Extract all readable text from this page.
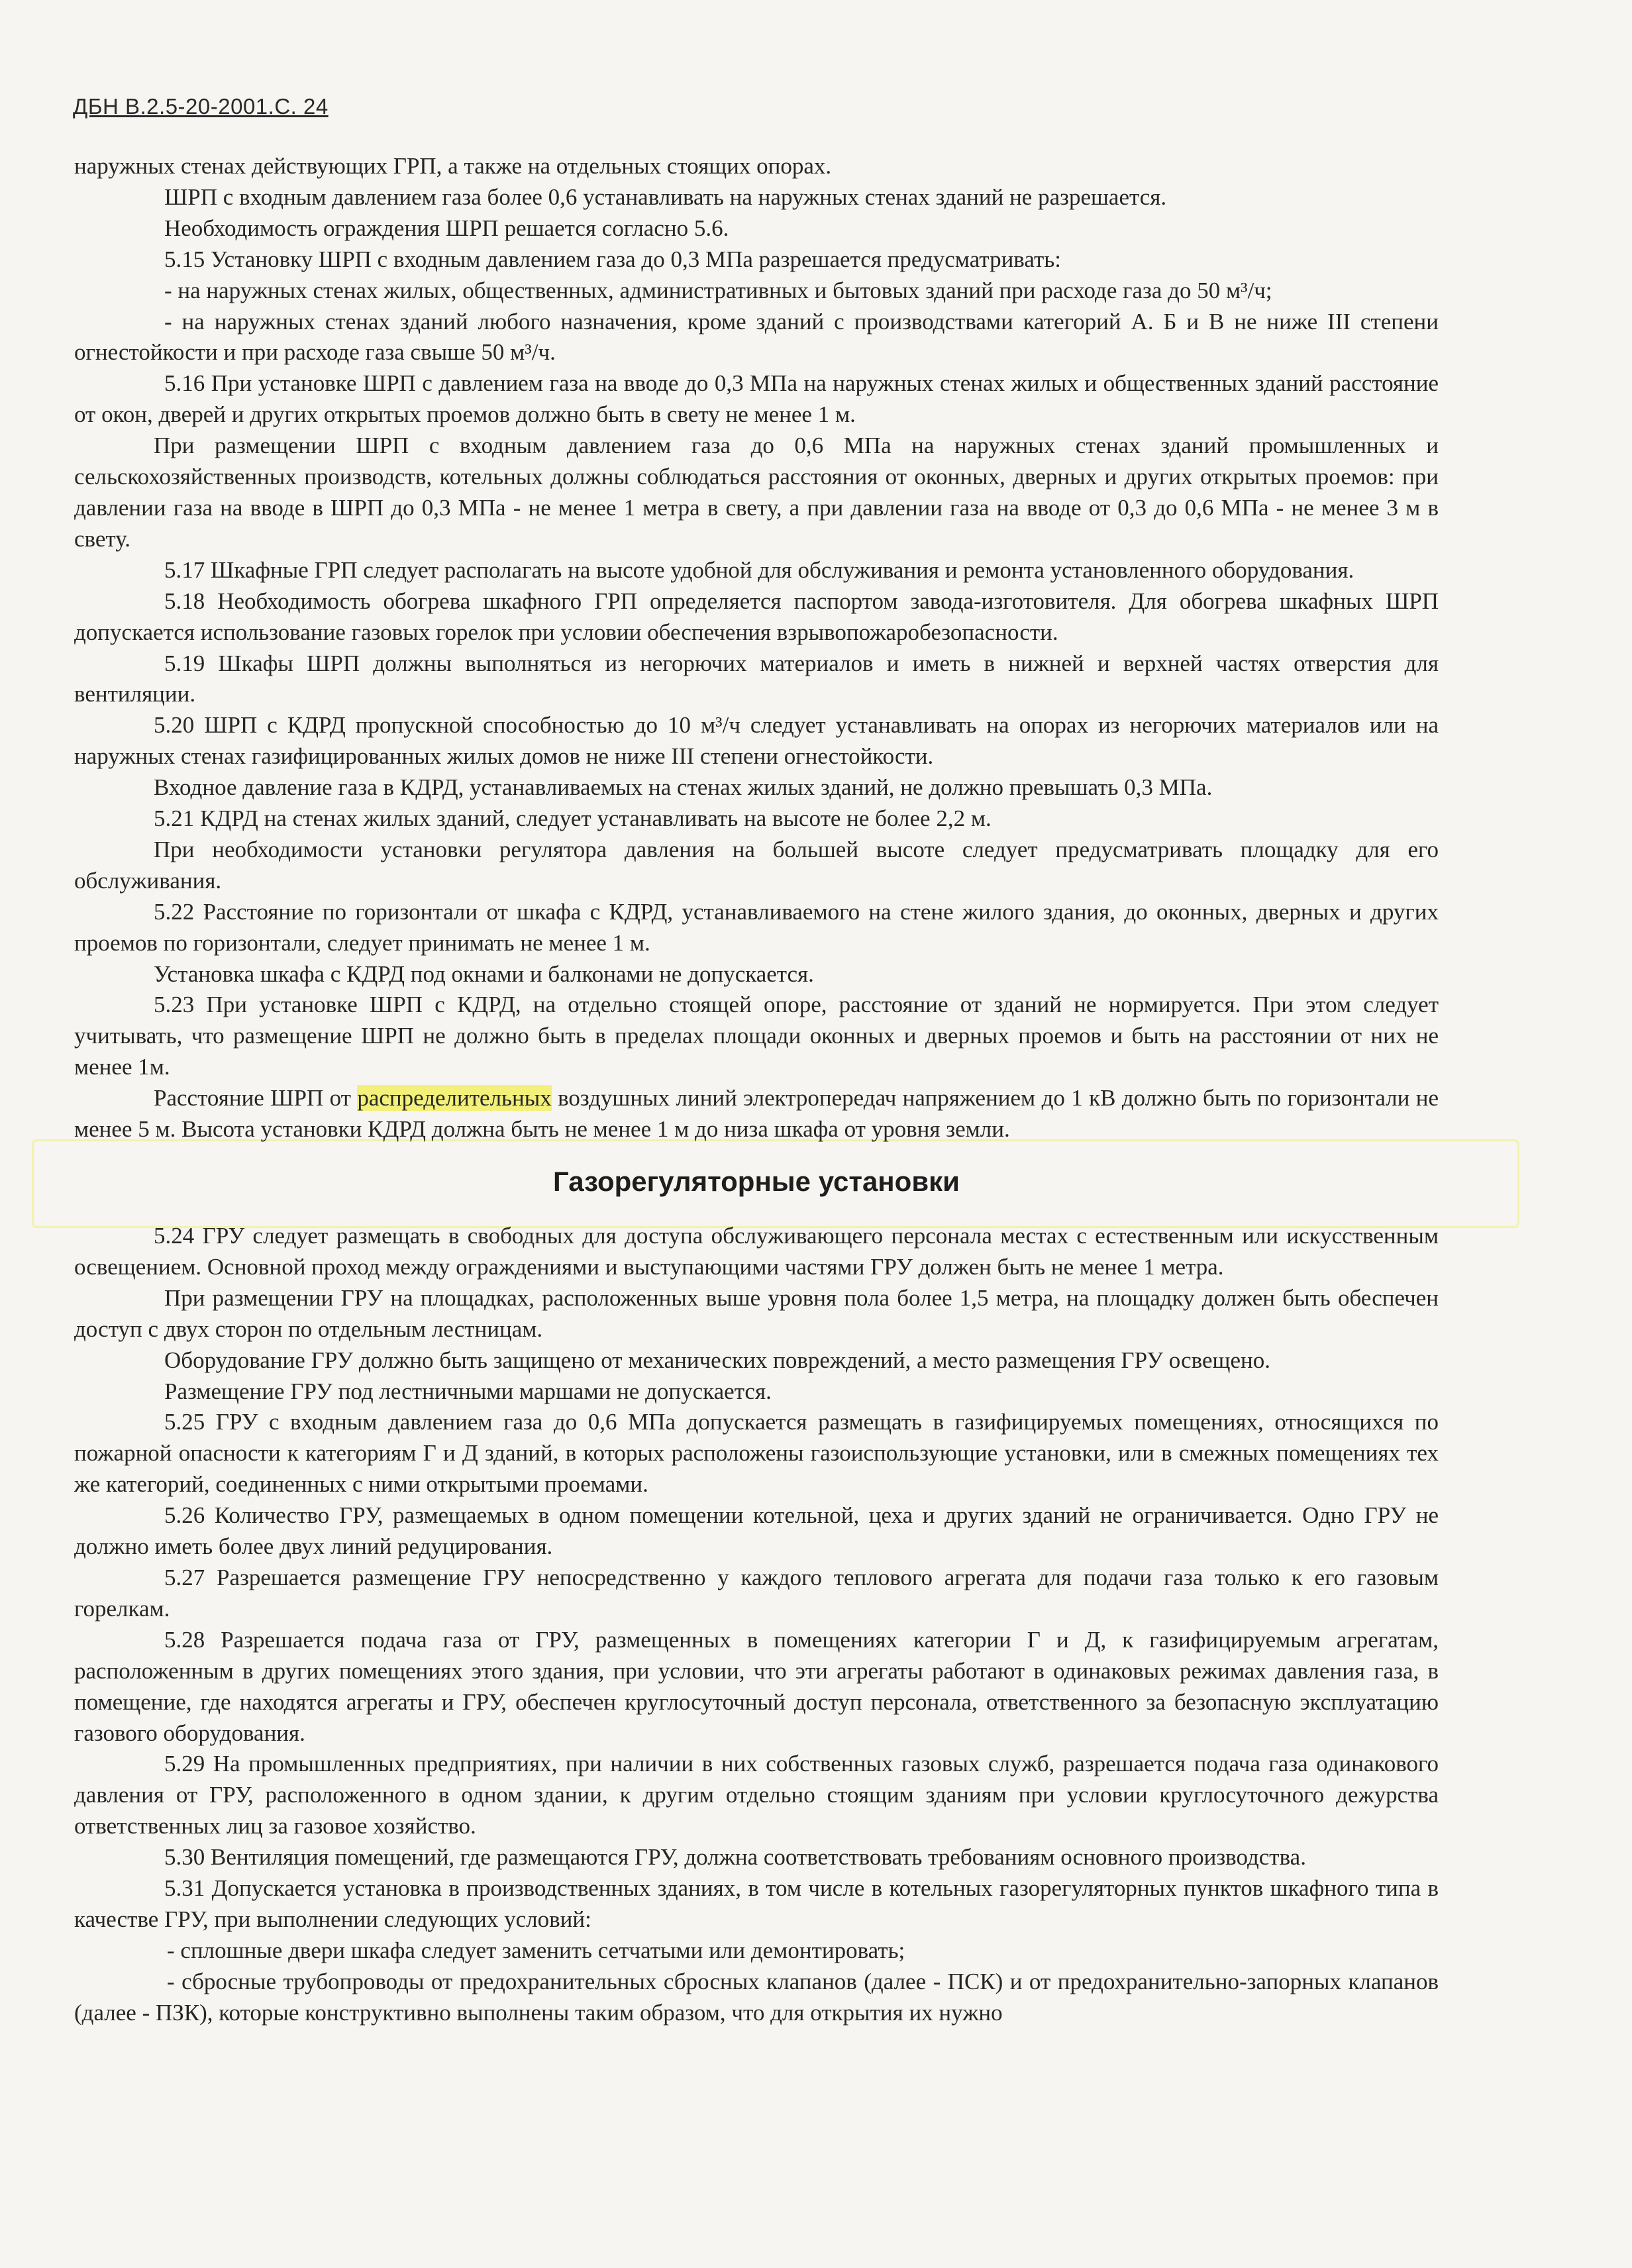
ДБН В.2.5-20-2001.С. 24

наружных стенах действующих ГРП, а также на отдельных стоящих опорах.

ШРП с входным давлением газа более 0,6 устанавливать на наружных стенах зданий не разрешается.

Необходимость ограждения ШРП решается согласно 5.6.

5.15 Установку ШРП с входным давлением газа до 0,3 МПа разрешается предусматривать:

- на наружных стенах жилых, общественных, административных и бытовых зданий при расходе газа до 50 м³/ч;

- на наружных стенах зданий любого назначения, кроме зданий с производствами категорий А. Б и В не ниже III степени огнестойкости и при расходе газа свыше 50 м³/ч.

5.16 При установке ШРП с давлением газа на вводе до 0,3 МПа на наружных стенах жилых и общественных зданий расстояние от окон, дверей и других открытых проемов должно быть в свету не менее 1 м.

При размещении ШРП с входным давлением газа до 0,6 МПа на наружных стенах зданий промышленных и сельскохозяйственных производств, котельных должны соблюдаться расстояния от оконных, дверных и других открытых проемов: при давлении газа на вводе в ШРП до 0,3 МПа - не менее 1 метра в свету, а при давлении газа на вводе от 0,3 до 0,6 МПа - не менее 3 м в свету.

5.17 Шкафные ГРП следует располагать на высоте удобной для обслуживания и ремонта установленного оборудования.

5.18 Необходимость обогрева шкафного ГРП определяется паспортом завода-изготовителя. Для обогрева шкафных ШРП допускается использование газовых горелок при условии обеспечения взрывопожаробезопасности.

5.19 Шкафы ШРП должны выполняться из негорючих материалов и иметь в нижней и верхней частях отверстия для вентиляции.

5.20 ШРП с КДРД пропускной способностью до 10 м³/ч следует устанавливать на опорах из негорючих материалов или на наружных стенах газифицированных жилых домов не ниже III степени огнестойкости.

Входное давление газа в КДРД, устанавливаемых на стенах жилых зданий, не должно превышать 0,3 МПа.

5.21 КДРД на стенах жилых зданий, следует устанавливать на высоте не более 2,2 м.

При необходимости установки регулятора давления на большей высоте следует предусматривать площадку для его обслуживания.

5.22 Расстояние по горизонтали от шкафа с КДРД, устанавливаемого на стене жилого здания, до оконных, дверных и других проемов по горизонтали, следует принимать не менее 1 м.

Установка шкафа с КДРД под окнами и балконами не допускается.

5.23 При установке ШРП с КДРД, на отдельно стоящей опоре, расстояние от зданий не нормируется. При этом следует учитывать, что размещение ШРП не должно быть в пределах площади оконных и дверных проемов и быть на расстоянии от них не менее 1м.

Расстояние ШРП от распределительных воздушных линий электропередач напряжением до 1 кВ должно быть по горизонтали не менее 5 м. Высота установки КДРД должна быть не менее 1 м до низа шкафа от уровня земли.

Газорегуляторные установки

5.24 ГРУ следует размещать в свободных для доступа обслуживающего персонала местах с естественным или искусственным освещением. Основной проход между ограждениями и выступающими частями ГРУ должен быть не менее 1 метра.

При размещении ГРУ на площадках, расположенных выше уровня пола более 1,5 метра, на площадку должен быть обеспечен доступ с двух сторон по отдельным лестницам.

Оборудование ГРУ должно быть защищено от механических повреждений, а место размещения ГРУ освещено.

Размещение ГРУ под лестничными маршами не допускается.

5.25 ГРУ с входным давлением газа до 0,6 МПа допускается размещать в газифицируемых помещениях, относящихся по пожарной опасности к категориям Г и Д зданий, в которых расположены газоиспользующие установки, или в смежных помещениях тех же категорий, соединенных с ними открытыми проемами.

5.26 Количество ГРУ, размещаемых в одном помещении котельной, цеха и других зданий не ограничивается. Одно ГРУ не должно иметь более двух линий редуцирования.

5.27 Разрешается размещение ГРУ непосредственно у каждого теплового агрегата для подачи газа только к его газовым горелкам.

5.28 Разрешается подача газа от ГРУ, размещенных в помещениях категории Г и Д, к газифицируемым агрегатам, расположенным в других помещениях этого здания, при условии, что эти агрегаты работают в одинаковых режимах давления газа, в помещение, где находятся агрегаты и ГРУ, обеспечен круглосуточный доступ персонала, ответственного за безопасную эксплуатацию газового оборудования.

5.29 На промышленных предприятиях, при наличии в них собственных газовых служб, разрешается подача газа одинакового давления от ГРУ, расположенного в одном здании, к другим отдельно стоящим зданиям при условии круглосуточного дежурства ответственных лиц за газовое хозяйство.

5.30 Вентиляция помещений, где размещаются ГРУ, должна соответствовать требованиям основного производства.

5.31 Допускается установка в производственных зданиях, в том числе в котельных газорегуляторных пунктов шкафного типа в качестве ГРУ, при выполнении следующих условий:

- сплошные двери шкафа следует заменить сетчатыми или демонтировать;

- сбросные трубопроводы от предохранительных сбросных клапанов (далее - ПСК) и от предохранительно-запорных клапанов (далее - ПЗК), которые конструктивно выполнены таким образом, что для открытия их нужно
